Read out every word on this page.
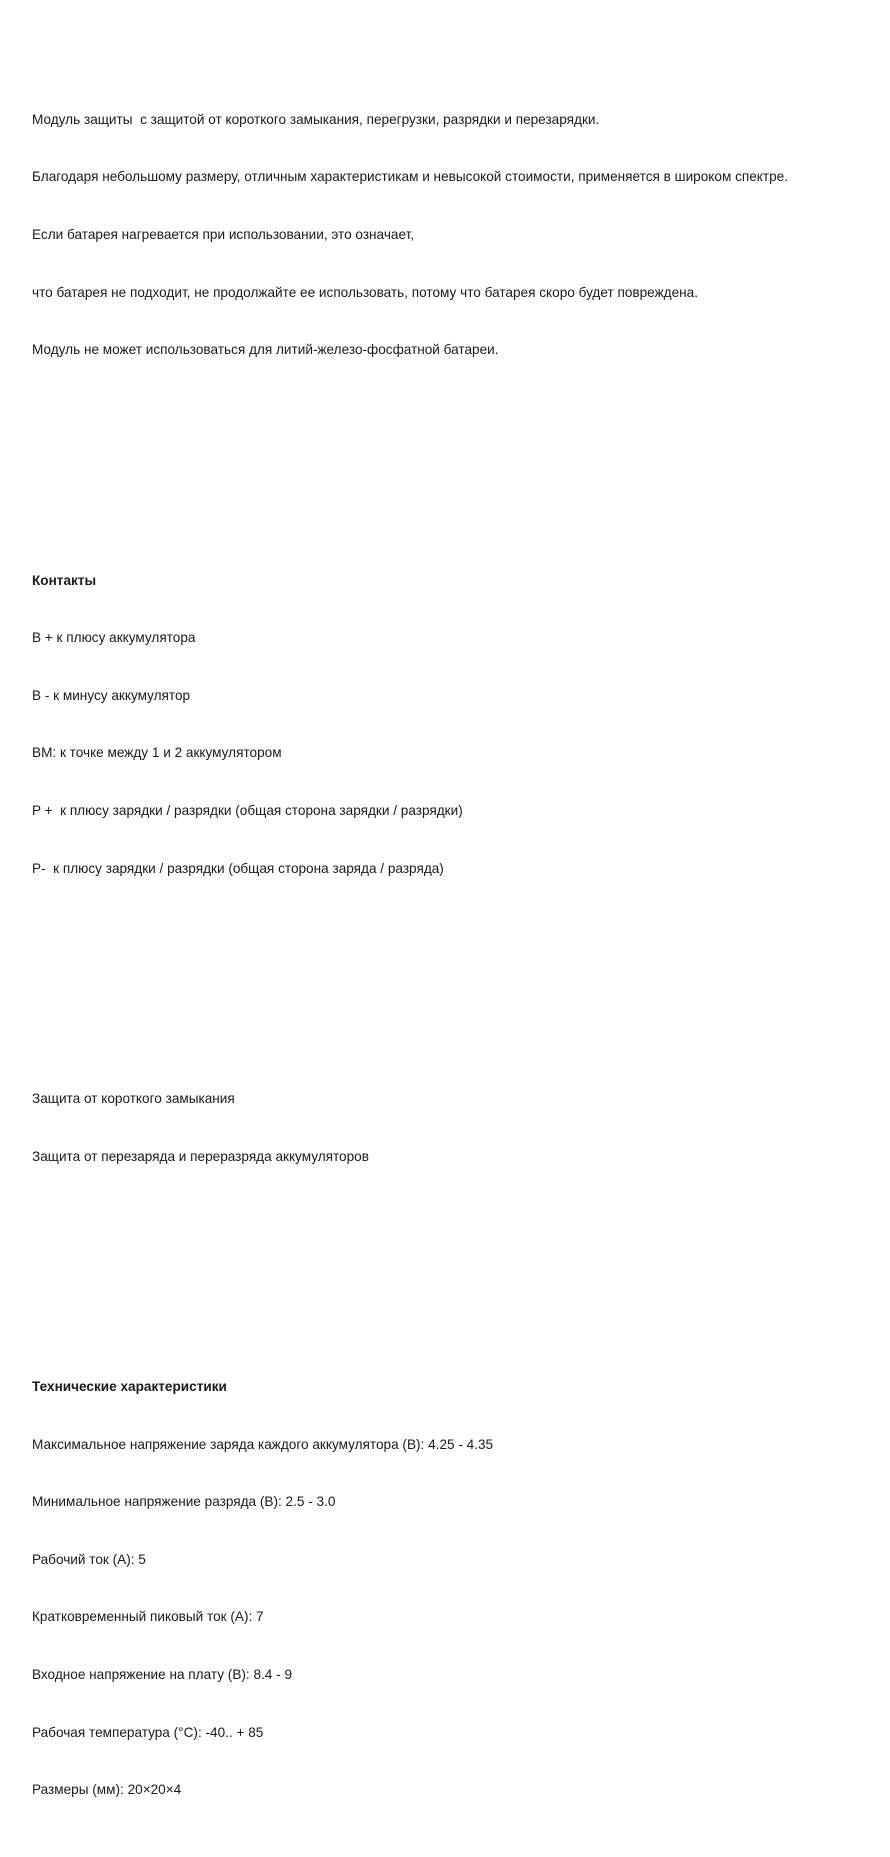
Модуль защиты  с защитой от короткого замыкания, перегрузки, разрядки и перезарядки.

Благодаря небольшому размеру, отличным характеристикам и невысокой стоимости, применяется в широком спектре.

Если батарея нагревается при использовании, это означает,

что батарея не подходит, не продолжайте ее использовать, потому что батарея скоро будет повреждена.

Модуль не может использоваться для литий-железо-фосфатной батареи.

Контакты

B + к плюсу аккумулятора

B - к минусу аккумулятор

BM: к точке между 1 и 2 аккумулятором

P +  к плюсу зарядки / разрядки (общая сторона зарядки / разрядки)

P-  к плюсу зарядки / разрядки (общая сторона заряда / разряда)

Защита от короткого замыкания

Защита от перезаряда и переразряда аккумуляторов

Технические характеристики

Максимальное напряжение заряда каждого аккумулятора (В): 4.25 - 4.35

Минимальное напряжение разряда (В): 2.5 - 3.0

Рабочий ток (А): 5

Кратковременный пиковый ток (А): 7

Входное напряжение на плату (В): 8.4 - 9

Рабочая температура (°C): -40.. + 85

Размеры (мм): 20×20×4
